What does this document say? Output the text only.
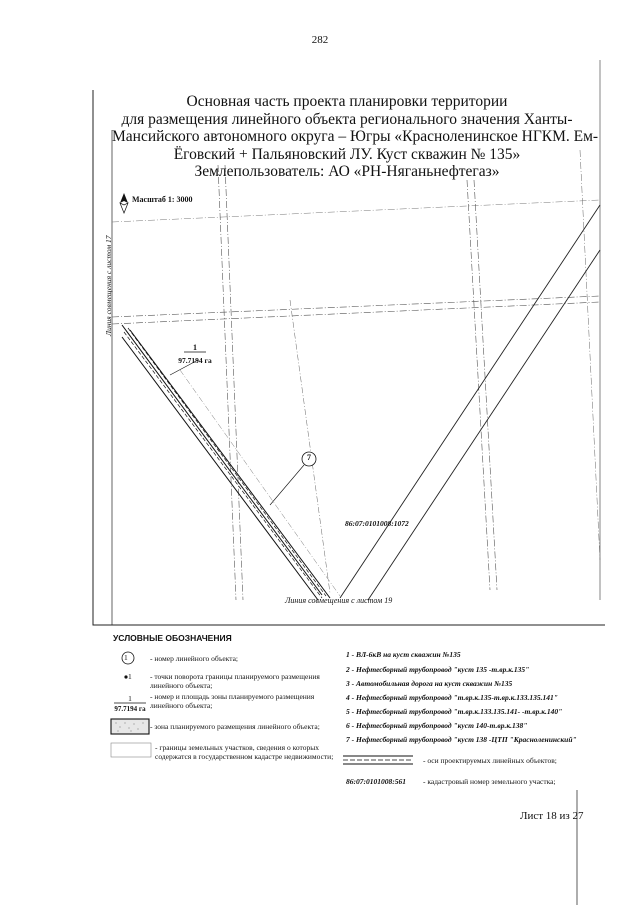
282
Основная часть проекта планировки территории
для размещения линейного объекта регионального значения Ханты-
Мансийского автономного округа – Югры «Красноленинское НГКМ. Ем-
Ёговский + Пальяновский ЛУ. Куст скважин № 135»
Землепользователь: АО «РН-Няганьнефтегаз»
Масштаб 1: 3000
Линия совмещения с листом 17
Линия совмещения с листом 19
86:07:0101008:1072
1
97.7194 га
7
УСЛОВНЫЕ ОБОЗНАЧЕНИЯ
1	- номер линейного объекта;
1 - точки поворота границы планируемого размещения линейного объекта;
1
97.7194 га
- номер и площадь зоны планируемого размещения линейного объекта;
- зона планируемого размещения линейного объекта;
- границы земельных участков, сведения о которых содержатся в государственном кадастре недвижимости;
1 - ВЛ-6кВ на куст скважин №135
2 - Нефтесборный трубопровод "куст 135 -т.вр.к.135"
3 - Автомобильная дорога на куст скважин №135
4 - Нефтесборный трубопровод "т.вр.к.135-т.вр.к.133.135.141"
5 - Нефтесборный трубопровод "т.вр.к.133.135.141- -т.вр.к.140"
6 - Нефтесборный трубопровод "куст 140-т.вр.к.138"
7 - Нефтесборный трубопровод "куст 138 -ЦТП "Красноленинский"
- оси проектируемых линейных объектов;
86:07:0101008:561 - кадастровый номер земельного участка;
Лист 18 из 27
